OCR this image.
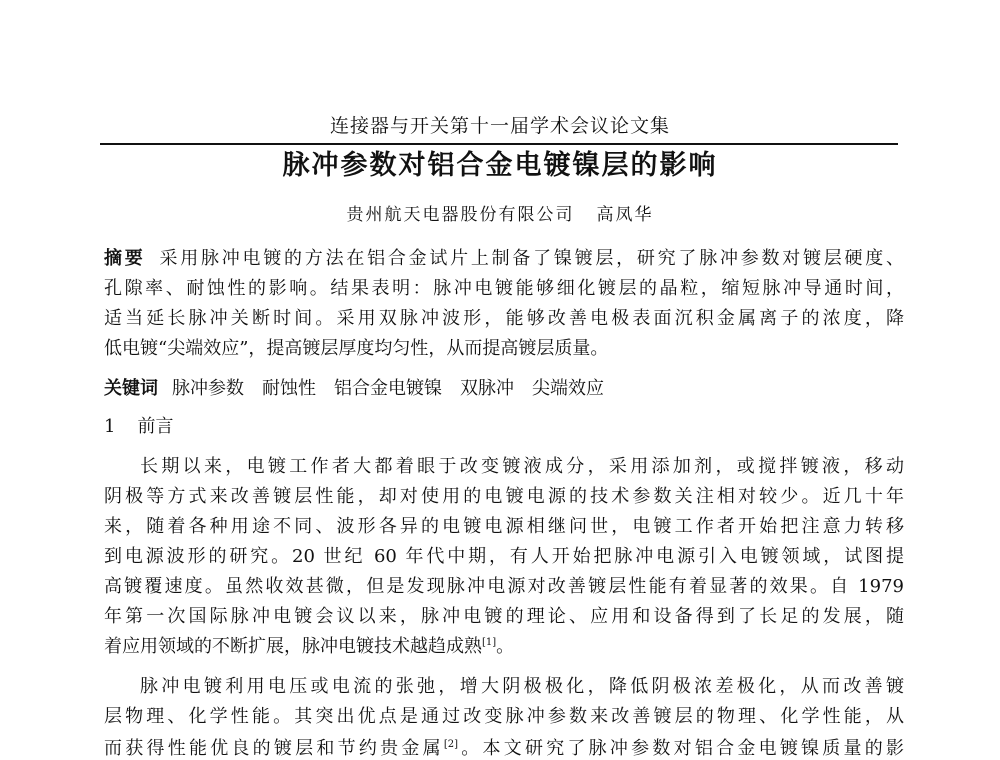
连接器与开关第十一届学术会议论文集
脉冲参数对铝合金电镀镍层的影响
贵州航天电器股份有限公司 高凤华
摘要 采用脉冲电镀的方法在铝合金试片上制备了镍镀层，研究了脉冲参数对镀层硬度、
孔隙率、耐蚀性的影响。结果表明：脉冲电镀能够细化镀层的晶粒，缩短脉冲导通时间，
适当延长脉冲关断时间。采用双脉冲波形，能够改善电极表面沉积金属离子的浓度，降
低电镀“尖端效应”，提高镀层厚度均匀性，从而提高镀层质量。
关键词 脉冲参数 耐蚀性 铝合金电镀镍 双脉冲 尖端效应
1 前言
长期以来，电镀工作者大都着眼于改变镀液成分，采用添加剂，或搅拌镀液，移动
阴极等方式来改善镀层性能，却对使用的电镀电源的技术参数关注相对较少。近几十年
来，随着各种用途不同、波形各异的电镀电源相继问世，电镀工作者开始把注意力转移
到电源波形的研究。20 世纪 60 年代中期，有人开始把脉冲电源引入电镀领域，试图提
高镀覆速度。虽然收效甚微，但是发现脉冲电源对改善镀层性能有着显著的效果。自 1979
年第一次国际脉冲电镀会议以来，脉冲电镀的理论、应用和设备得到了长足的发展，随
着应用领域的不断扩展，脉冲电镀技术越趋成熟[1]。
脉冲电镀利用电压或电流的张弛，增大阴极极化，降低阴极浓差极化，从而改善镀
层物理、化学性能。其突出优点是通过改变脉冲参数来改善镀层的物理、化学性能，从
而获得性能优良的镀层和节约贵金属[2]。本文研究了脉冲参数对铝合金电镀镍质量的影
